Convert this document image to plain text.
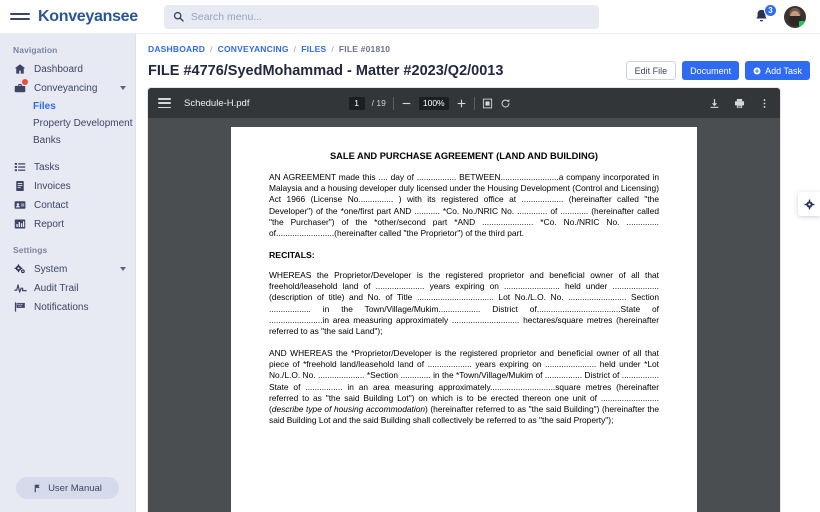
Konveyansee
Search menu...	3
Navigation
Dashboard
Conveyancing
Files
Property Development
Banks
Tasks
Invoices
Contact
Report
Settings
System
Audit Trail
Notifications
User Manual
DASHBOARD / CONVEYANCING / FILES / FILE #01810
FILE #4776/SyedMohammad - Matter #2023/Q2/0013	Edit File	Document	Add Task
Schedule-H.pdf	1	/ 19	100%
SALE AND PURCHASE AGREEMENT (LAND AND BUILDING)
AN AGREEMENT made this .... day of ................. BETWEEN.........................a company incorporated in Malaysia and a housing developer duly licensed under the Housing Development (Control and Licensing) Act 1966 (License No............... ) with its registered office at .................. (hereinafter called "the Developer") of the *one/first part AND ........... *Co. No./NRIC No. ............. of ............ (hereinafter called "the Purchaser") of the *other/second part *AND ...................... *Co. No./NRIC No. .............. of.........................(hereinafter called "the Proprietor") of the third part.
RECITALS:
WHEREAS the Proprietor/Developer is the registered proprietor and beneficial owner of all that freehold/leasehold land of ..................... years expiring on ........................ held under ....................(description of title) and No. of Title ................................. Lot No./L.O. No. ......................... Section .................. in the Town/Village/Mukim.................. District of....................................State of .......................in area measuring approximately ............................. hectares/square metres (hereinafter referred to as "the said Land");
AND WHEREAS the *Proprietor/Developer is the registered proprietor and beneficial owner of all that piece of *freehold land/leasehold land of ................... years expiring on ...................... held under *Lot No./L.O. No. .................... *Section ............. in the *Town/Village/Mukim of ................ District of ................ State of ................ in an area measuring approximately............................square metres (hereinafter referred to as "the said Building Lot") on which is to be erected thereon one unit of ......................... (describe type of housing accommodation) (hereinafter referred to as "the said Building") (hereinafter the said Building Lot and the said Building shall collectively be referred to as "the said Property");
